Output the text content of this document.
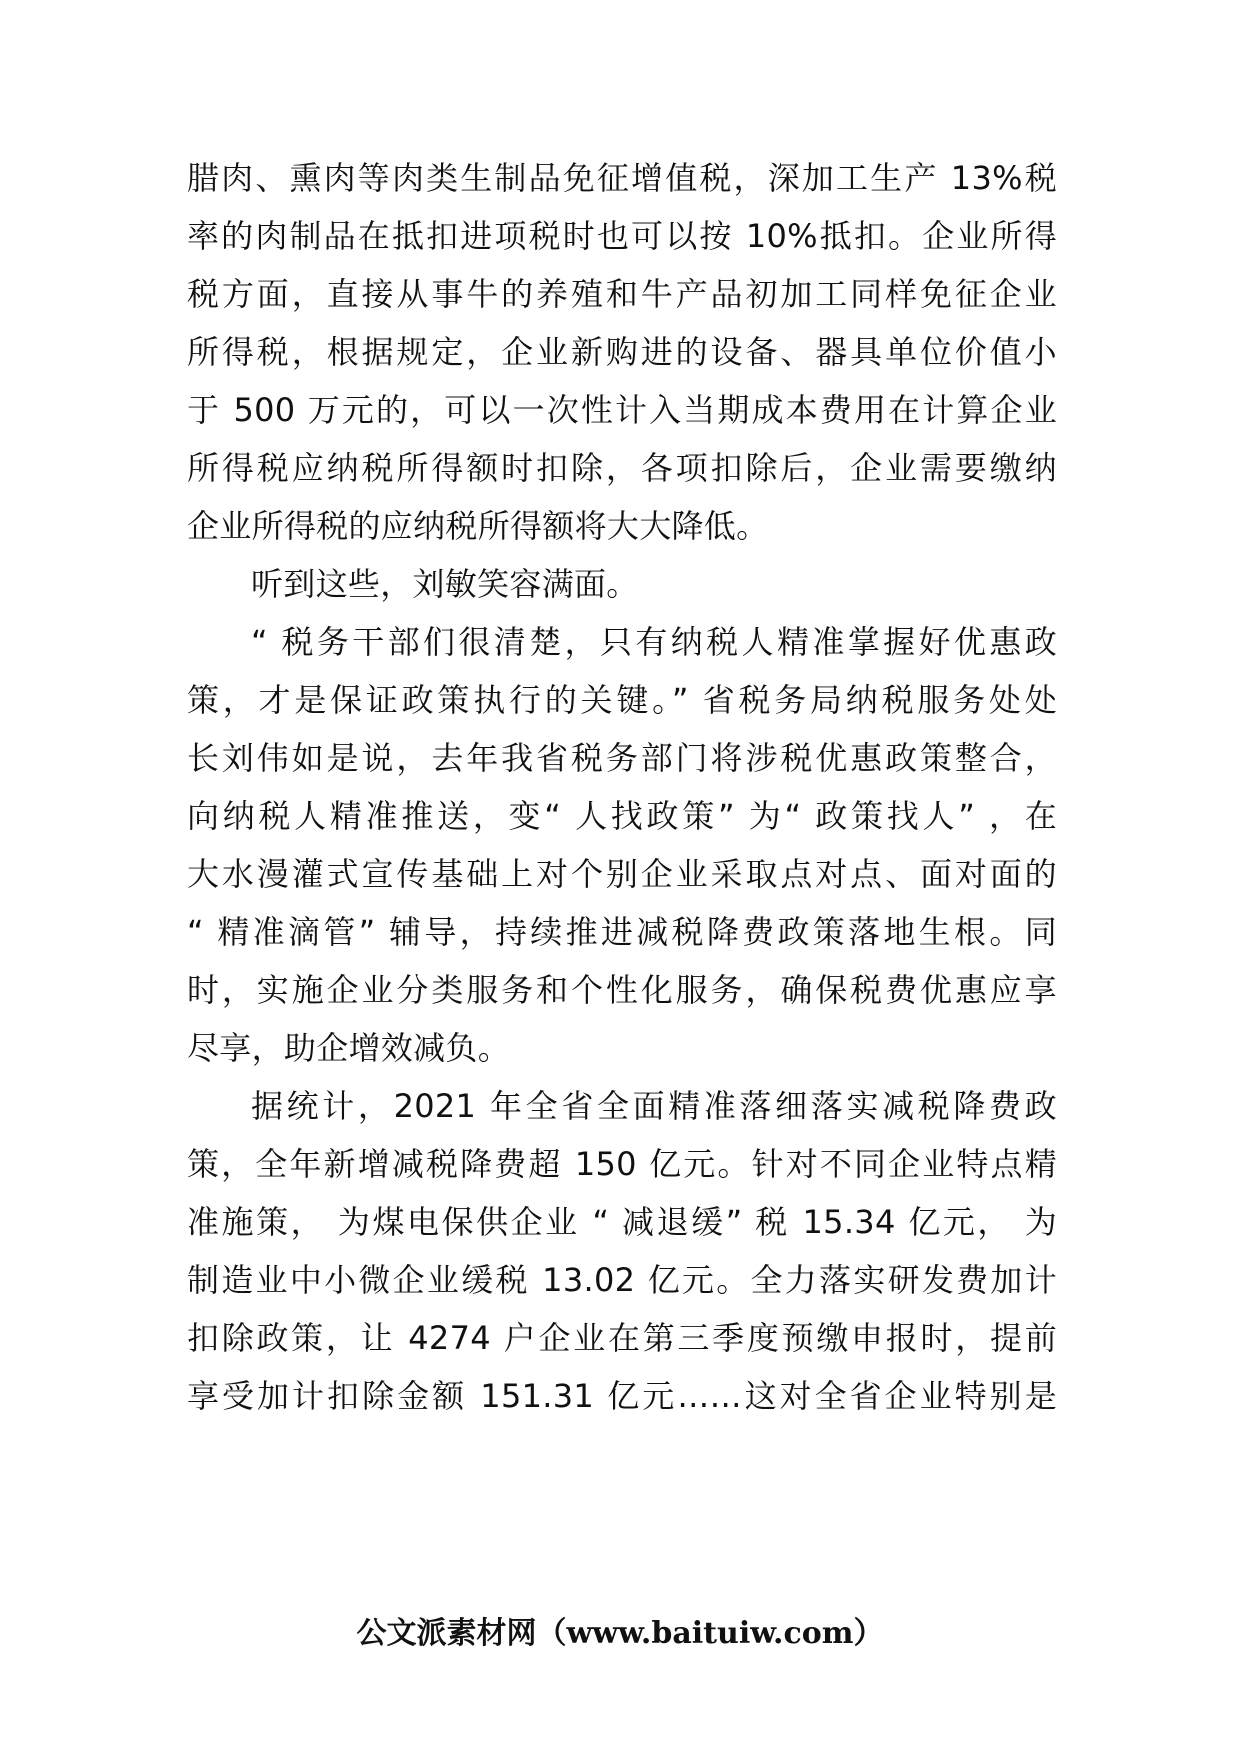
腊肉、熏肉等肉类生制品免征增值税，深加工生产 13%税
率的肉制品在抵扣进项税时也可以按 10%抵扣。企业所得
税方面，直接从事牛的养殖和牛产品初加工同样免征企业
所得税，根据规定，企业新购进的设备、器具单位价值小
于 500 万元的，可以一次性计入当期成本费用在计算企业
所得税应纳税所得额时扣除，各项扣除后，企业需要缴纳
企业所得税的应纳税所得额将大大降低。
听到这些，刘敏笑容满面。
“ 税务干部们很清楚，只有纳税人精准掌握好优惠政
策，才是保证政策执行的关键。” 省税务局纳税服务处处
长刘伟如是说，去年我省税务部门将涉税优惠政策整合，
向纳税人精准推送，变“ 人找政策” 为“ 政策找人” ，在
大水漫灌式宣传基础上对个别企业采取点对点、面对面的
“ 精准滴管” 辅导，持续推进减税降费政策落地生根。同
时，实施企业分类服务和个性化服务，确保税费优惠应享
尽享，助企增效减负。
据统计，2021 年全省全面精准落细落实减税降费政
策，全年新增减税降费超 150 亿元。针对不同企业特点精
准施策， 为煤电保供企业 “ 减退缓” 税 15.34 亿元， 为
制造业中小微企业缓税 13.02 亿元。全力落实研发费加计
扣除政策，让 4274 户企业在第三季度预缴申报时，提前
享受加计扣除金额 151.31 亿元……这对全省企业特别是
公文派素材网（www.baituiw.com）
